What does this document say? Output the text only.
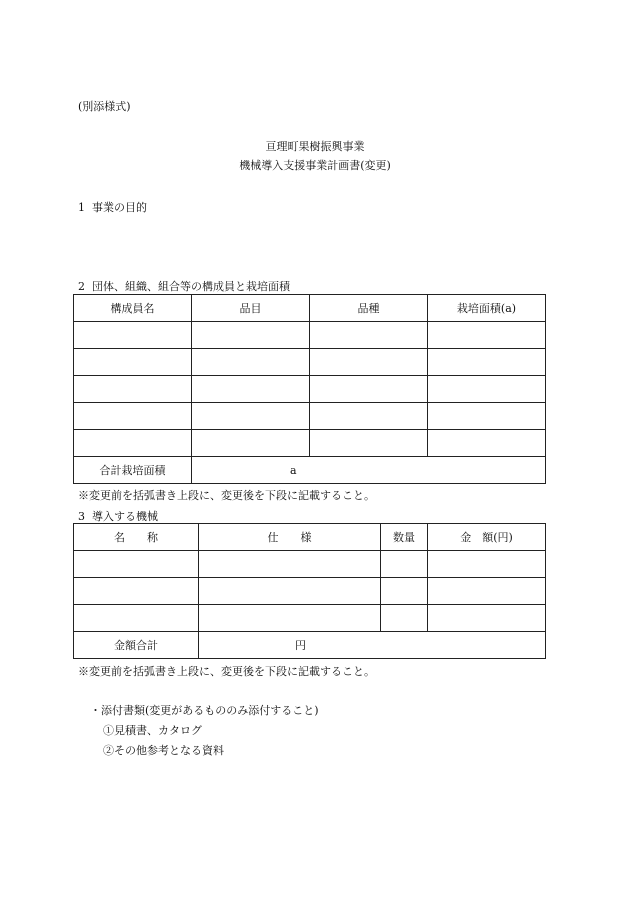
(別添様式)
亘理町果樹振興事業
機械導入支援事業計画書(変更)
1 事業の目的
2 団体、組織、組合等の構成員と栽培面積
構成員名	品目	品種	栽培面積(a)

合計栽培面積	a		
※変更前を括弧書き上段に、変更後を下段に記載すること。
3 導入する機械
名　　称	仕　　様	数量	金　額(円)

金額合計	円		
※変更前を括弧書き上段に、変更後を下段に記載すること。
・添付書類(変更があるもののみ添付すること)
①見積書、カタログ
②その他参考となる資料
